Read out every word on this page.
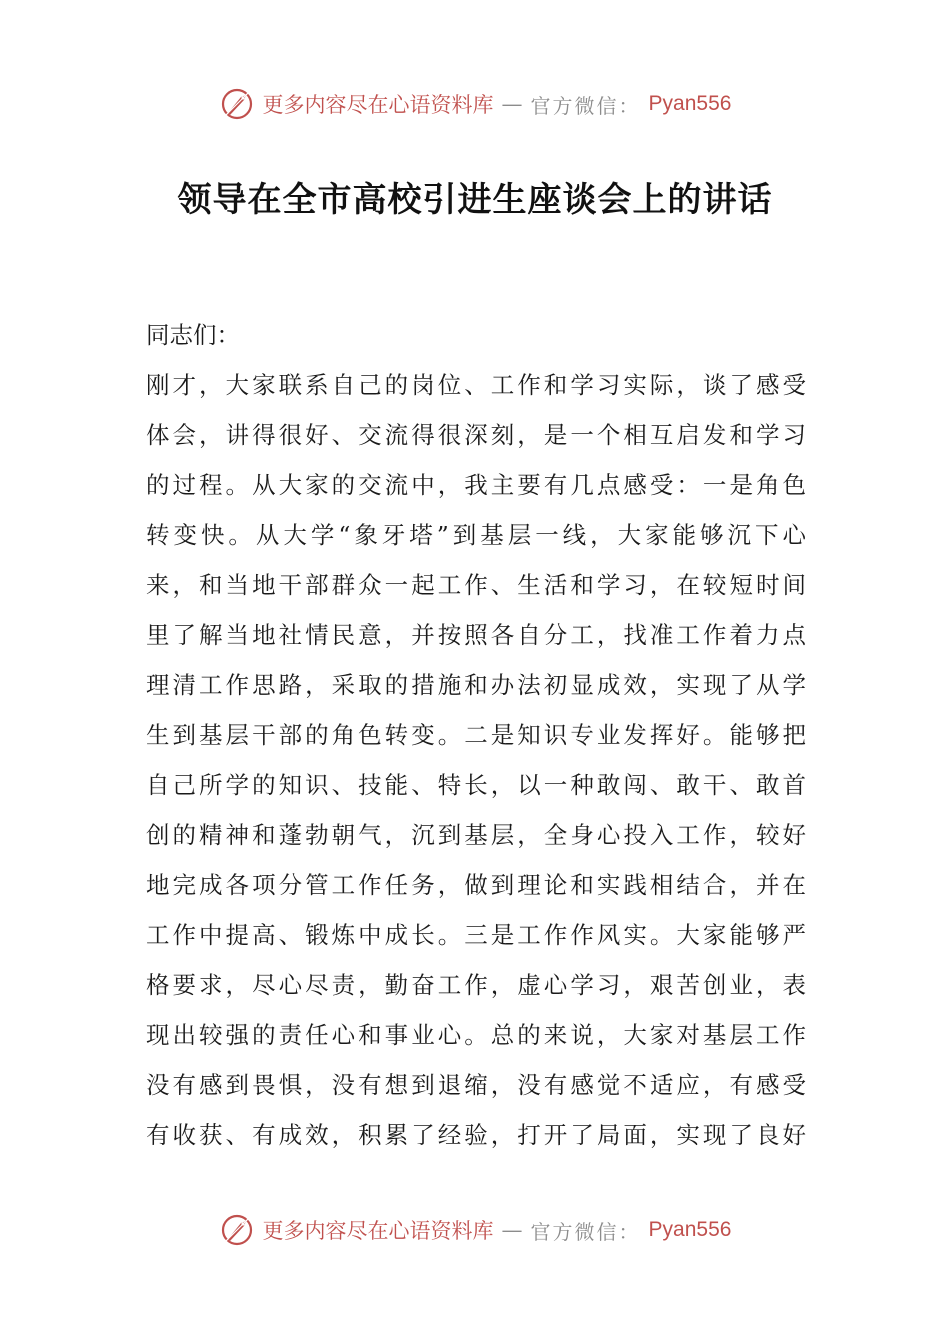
更多内容尽在心语资料库 — 官方微信： Pyan556
领导在全市高校引进生座谈会上的讲话
同志们：
刚才，大家联系自己的岗位、工作和学习实际，谈了感受
体会，讲得很好、交流得很深刻，是一个相互启发和学习
的过程。从大家的交流中，我主要有几点感受：一是角色
转变快。从大学“象牙塔”到基层一线，大家能够沉下心
来，和当地干部群众一起工作、生活和学习，在较短时间
里了解当地社情民意，并按照各自分工，找准工作着力点
理清工作思路，采取的措施和办法初显成效，实现了从学
生到基层干部的角色转变。二是知识专业发挥好。能够把
自己所学的知识、技能、特长，以一种敢闯、敢干、敢首
创的精神和蓬勃朝气，沉到基层，全身心投入工作，较好
地完成各项分管工作任务，做到理论和实践相结合，并在
工作中提高、锻炼中成长。三是工作作风实。大家能够严
格要求，尽心尽责，勤奋工作，虚心学习，艰苦创业，表
现出较强的责任心和事业心。总的来说，大家对基层工作
没有感到畏惧，没有想到退缩，没有感觉不适应，有感受
有收获、有成效，积累了经验，打开了局面，实现了良好
更多内容尽在心语资料库 — 官方微信： Pyan556
